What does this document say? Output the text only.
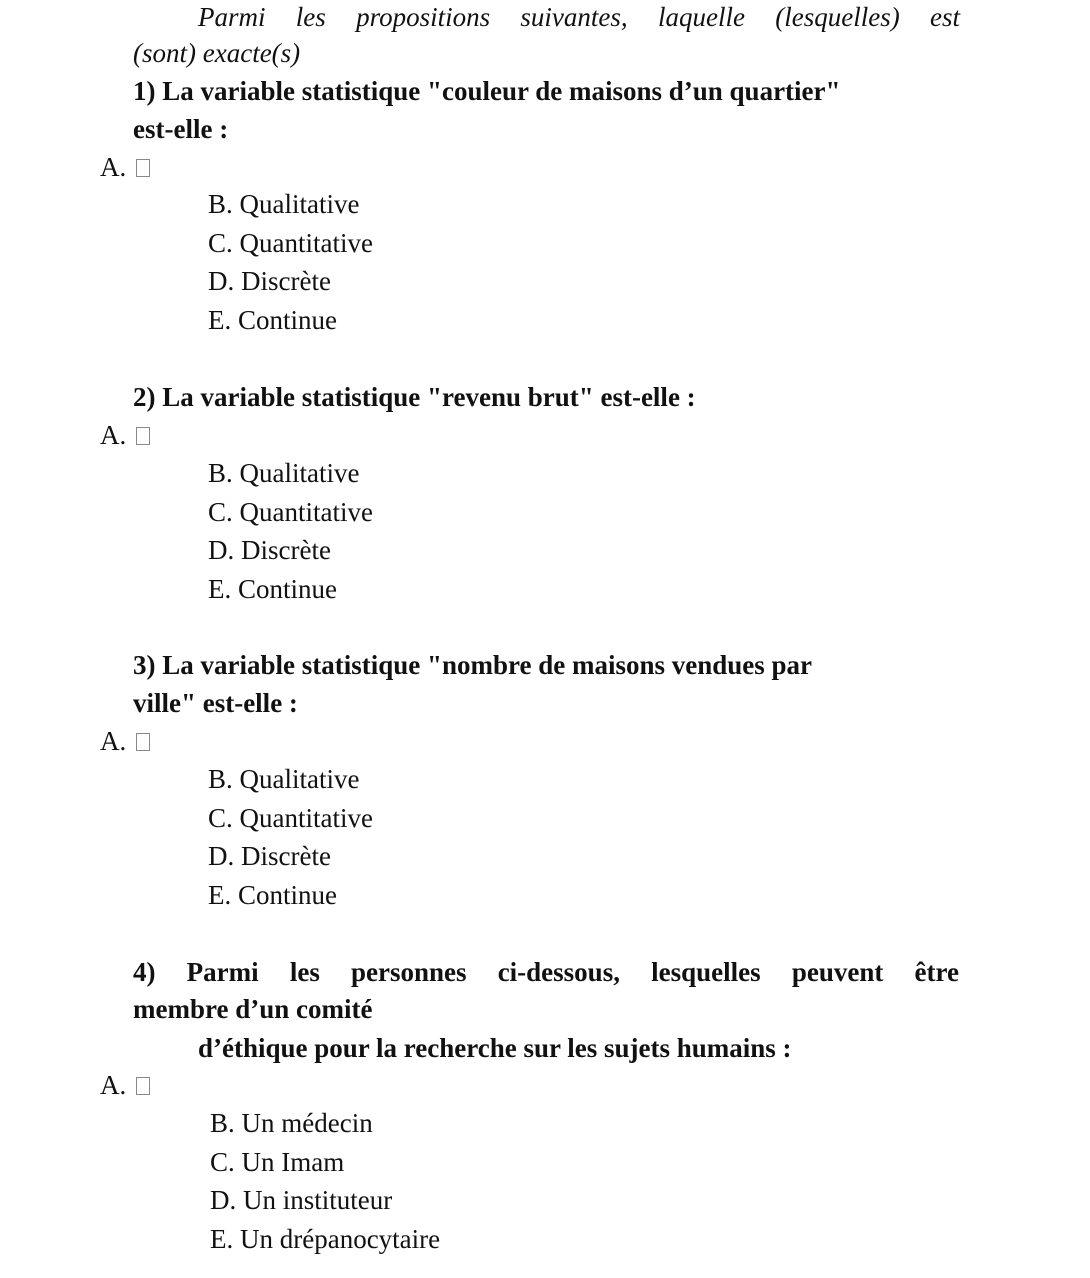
Parmi les propositions suivantes, laquelle (lesquelles) est
(sont) exacte(s)
1) La variable statistique "couleur de maisons d’un quartier"
est-elle :
A.
B. Qualitative
C. Quantitative
D. Discrète
E. Continue
2) La variable statistique "revenu brut" est-elle :
A.
B. Qualitative
C. Quantitative
D. Discrète
E. Continue
3) La variable statistique "nombre de maisons vendues par
ville" est-elle :
A.
B. Qualitative
C. Quantitative
D. Discrète
E. Continue
4) Parmi les personnes ci-dessous, lesquelles peuvent être
membre d’un comité
d’éthique pour la recherche sur les sujets humains :
A.
B. Un médecin
C. Un Imam
D. Un instituteur
E. Un drépanocytaire
